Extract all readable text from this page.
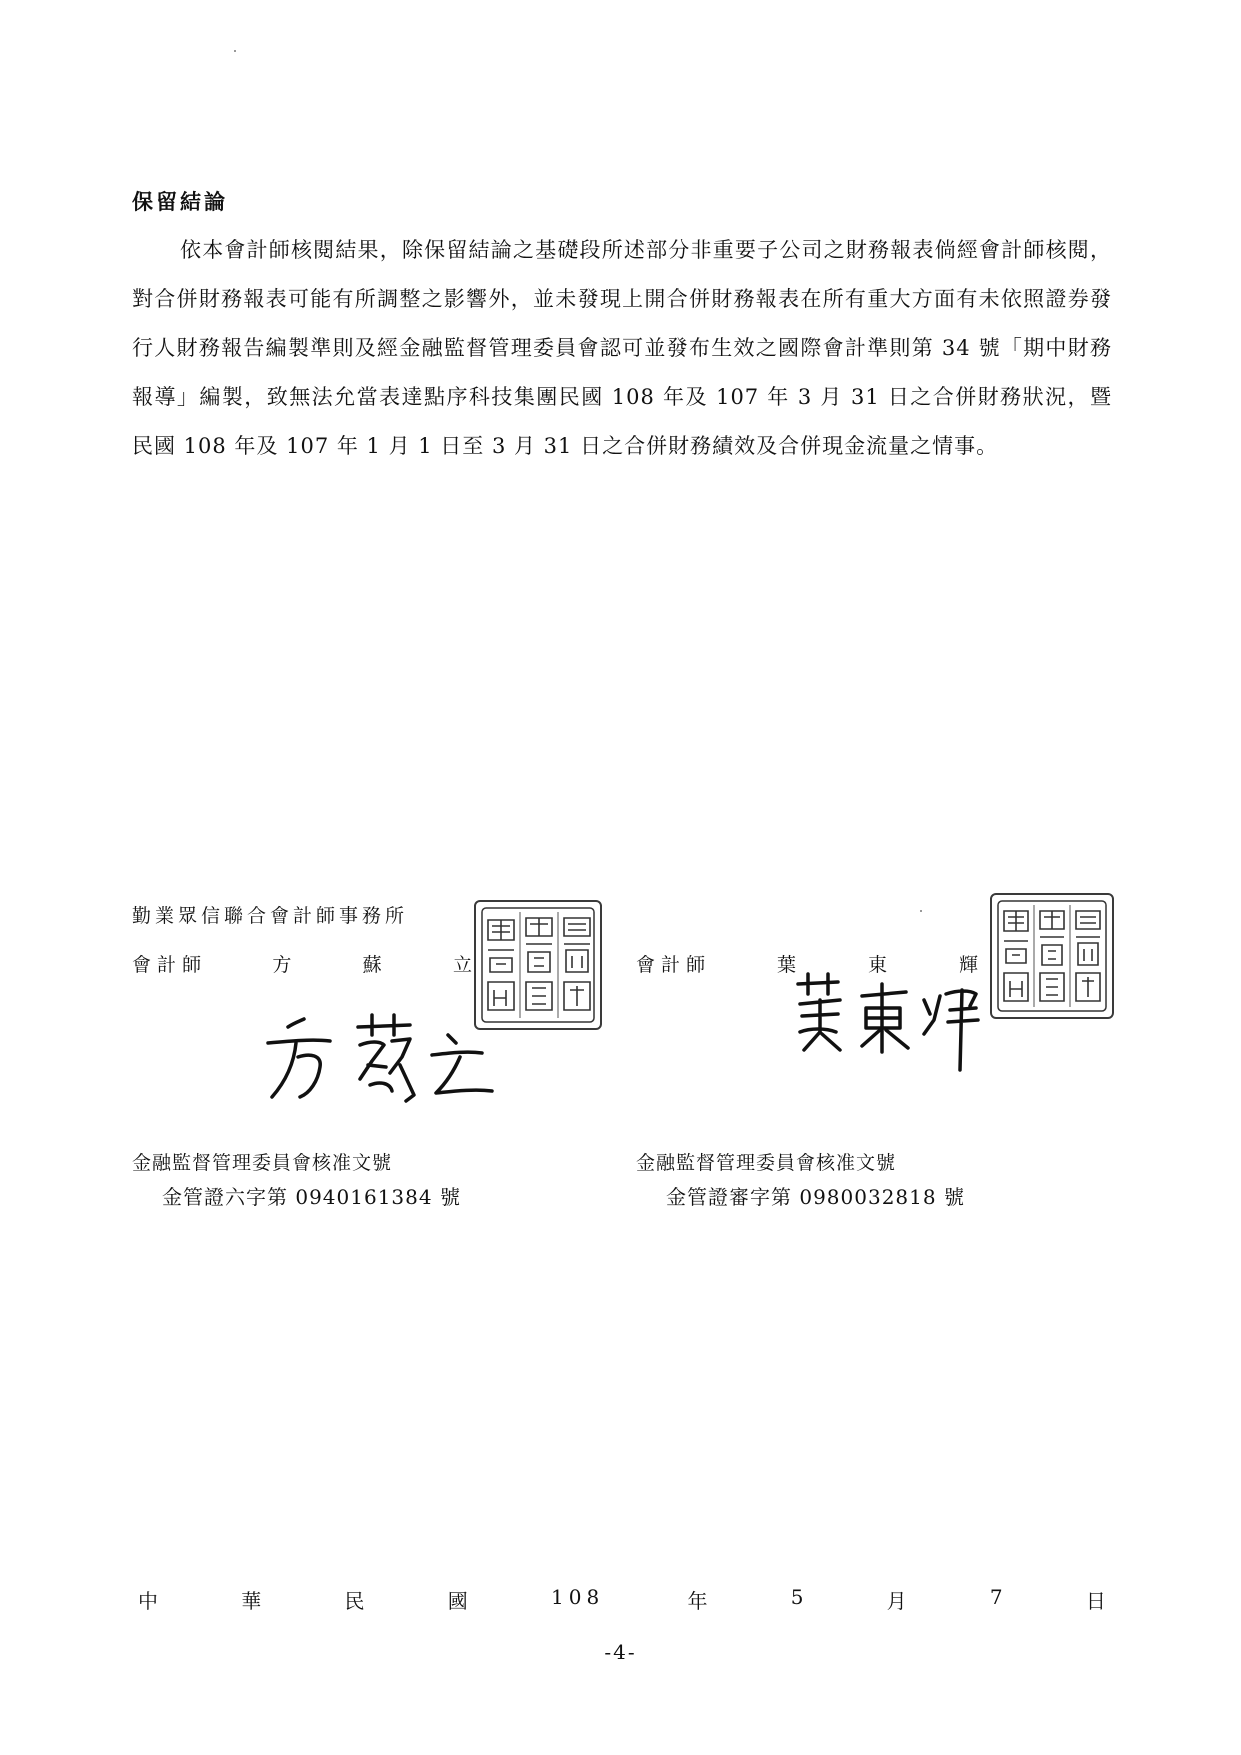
保留結論
依本會計師核閱結果，除保留結論之基礎段所述部分非重要子公司之財務報表倘經會計師核閱，對合併財務報表可能有所調整之影響外，並未發現上開合併財務報表在所有重大方面有未依照證券發行人財務報告編製準則及經金融監督管理委員會認可並發布生效之國際會計準則第 34 號「期中財務報導」編製，致無法允當表達點序科技集團民國 108 年及 107 年 3 月 31 日之合併財務狀況，暨民國 108 年及 107 年 1 月 1 日至 3 月 31 日之合併財務績效及合併現金流量之情事。
勤業眾信聯合會計師事務所
會 計 師	方	蘇	立	會 計 師	葉	東	輝
金融監督管理委員會核准文號
金管證六字第 0940161384 號
金融監督管理委員會核准文號
金管證審字第 0980032818 號
中	華	民	國	108	年	5	月	7	日
-4-
